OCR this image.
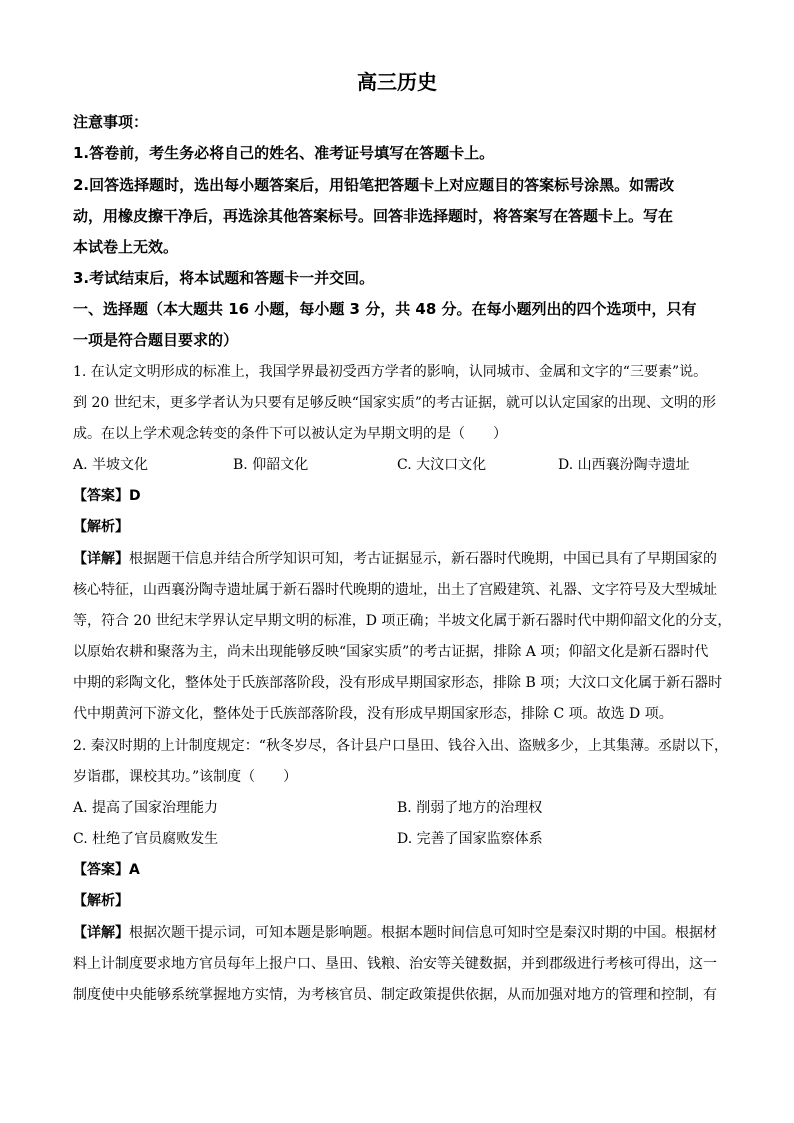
高三历史
注意事项：
1.答卷前，考生务必将自己的姓名、准考证号填写在答题卡上。
2.回答选择题时，选出每小题答案后，用铅笔把答题卡上对应题目的答案标号涂黑。如需改
动，用橡皮擦干净后，再选涂其他答案标号。回答非选择题时，将答案写在答题卡上。写在
本试卷上无效。
3.考试结束后，将本试题和答题卡一并交回。
一、选择题（本大题共 16 小题，每小题 3 分，共 48 分。在每小题列出的四个选项中，只有
一项是符合题目要求的）
1. 在认定文明形成的标准上，我国学界最初受西方学者的影响，认同城市、金属和文字的“三要素”说。
到 20 世纪末，更多学者认为只要有足够反映“国家实质”的考古证据，就可以认定国家的出现、文明的形
成。在以上学术观念转变的条件下可以被认定为早期文明的是（　　）
A. 半坡文化	B. 仰韶文化	C. 大汶口文化	D. 山西襄汾陶寺遗址
【答案】D
【解析】
【详解】根据题干信息并结合所学知识可知，考古证据显示，新石器时代晚期，中国已具有了早期国家的
核心特征，山西襄汾陶寺遗址属于新石器时代晚期的遗址，出土了宫殿建筑、礼器、文字符号及大型城址
等，符合 20 世纪末学界认定早期文明的标准，D 项正确；半坡文化属于新石器时代中期仰韶文化的分支，
以原始农耕和聚落为主，尚未出现能够反映“国家实质”的考古证据，排除 A 项；仰韶文化是新石器时代
中期的彩陶文化，整体处于氏族部落阶段，没有形成早期国家形态，排除 B 项；大汶口文化属于新石器时
代中期黄河下游文化，整体处于氏族部落阶段，没有形成早期国家形态，排除 C 项。故选 D 项。
2. 秦汉时期的上计制度规定：“秋冬岁尽，各计县户口垦田、钱谷入出、盗贼多少，上其集薄。丞尉以下，
岁诣郡，课校其功。”该制度（　　）
A. 提高了国家治理能力	B. 削弱了地方的治理权
C. 杜绝了官员腐败发生	D. 完善了国家监察体系
【答案】A
【解析】
【详解】根据次题干提示词，可知本题是影响题。根据本题时间信息可知时空是秦汉时期的中国。根据材
料上计制度要求地方官员每年上报户口、垦田、钱粮、治安等关键数据，并到郡级进行考核可得出，这一
制度使中央能够系统掌握地方实情，为考核官员、制定政策提供依据，从而加强对地方的管理和控制，有
